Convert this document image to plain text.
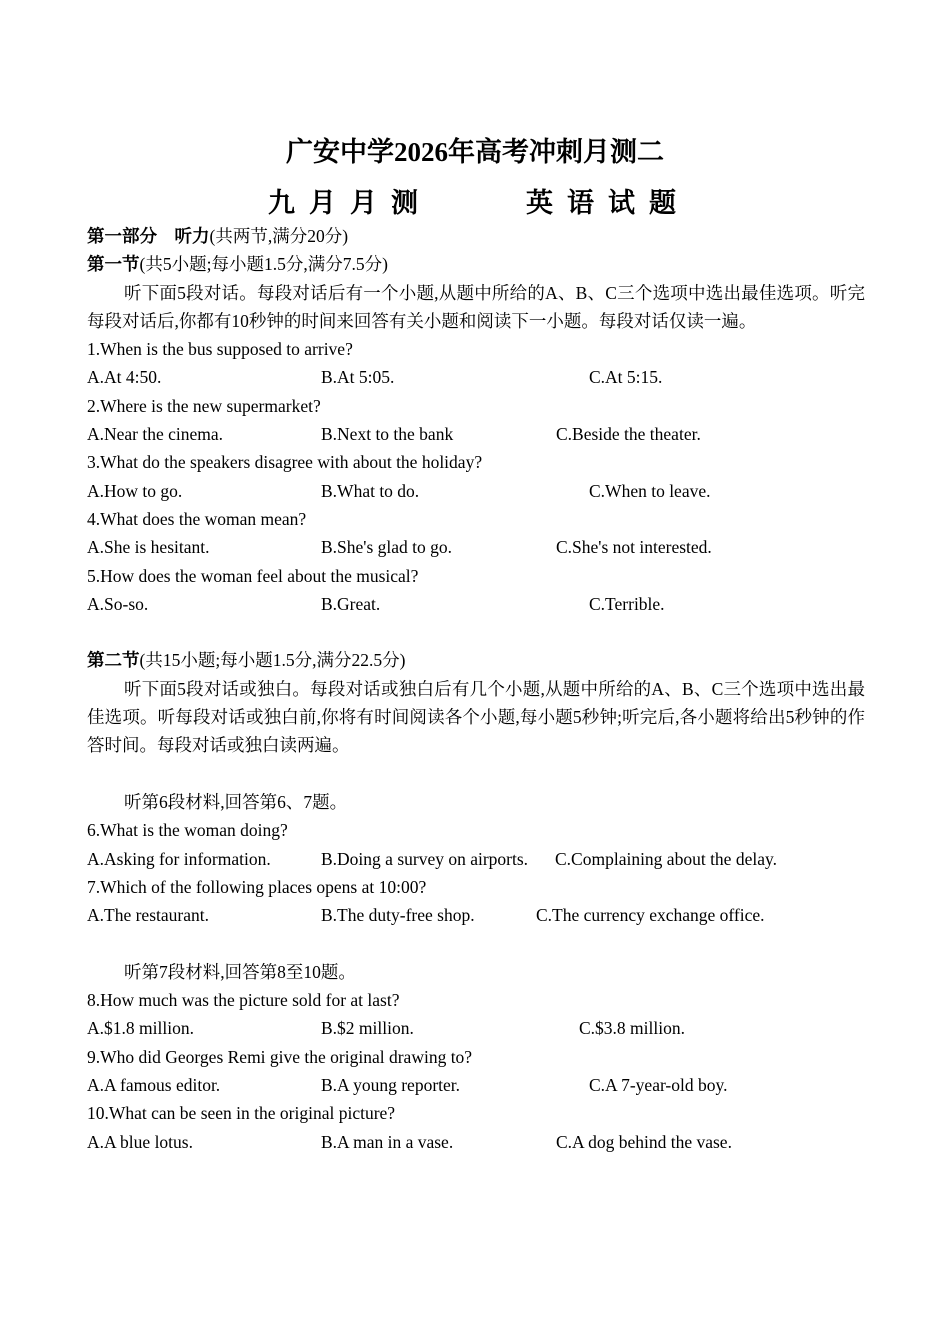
广安中学2026年高考冲刺月测二
九月月测	英语试题
第一部分　听力(共两节,满分20分)
第一节(共5小题;每小题1.5分,满分7.5分)
听下面5段对话。每段对话后有一个小题,从题中所给的A、B、C三个选项中选出最佳选项。听完每段对话后,你都有10秒钟的时间来回答有关小题和阅读下一小题。每段对话仅读一遍。
1.When is the bus supposed to arrive?
A.At 4:50.	B.At 5:05.	C.At 5:15.
2.Where is the new supermarket?
A.Near the cinema.	B.Next to the bank	C.Beside the theater.
3.What do the speakers disagree with about the holiday?
A.How to go.	B.What to do.	C.When to leave.
4.What does the woman mean?
A.She is hesitant.	B.She's glad to go.	C.She's not interested.
5.How does the woman feel about the musical?
A.So-so.	B.Great.	C.Terrible.
第二节(共15小题;每小题1.5分,满分22.5分)
听下面5段对话或独白。每段对话或独白后有几个小题,从题中所给的A、B、C三个选项中选出最佳选项。听每段对话或独白前,你将有时间阅读各个小题,每小题5秒钟;听完后,各小题将给出5秒钟的作答时间。每段对话或独白读两遍。
听第6段材料,回答第6、7题。
6.What is the woman doing?
A.Asking for information.	B.Doing a survey on airports. C.Complaining about the delay.
7.Which of the following places opens at 10:00?
A.The restaurant.	B.The duty-free shop.	C.The currency exchange office.
听第7段材料,回答第8至10题。
8.How much was the picture sold for at last?
A.$1.8 million.	B.$2 million.	C.$3.8 million.
9.Who did Georges Remi give the original drawing to?
A.A famous editor.	B.A young reporter.	C.A 7-year-old boy.
10.What can be seen in the original picture?
A.A blue lotus.	B.A man in a vase.	C.A dog behind the vase.
